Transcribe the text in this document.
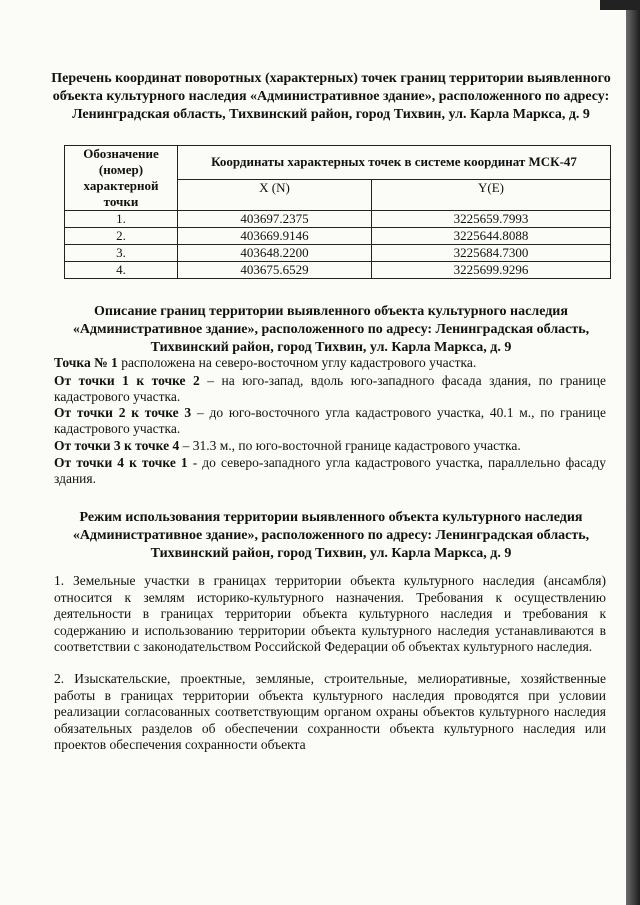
Перечень координат поворотных (характерных) точек границ территории выявленного объекта культурного наследия «Административное здание», расположенного по адресу: Ленинградская область, Тихвинский район, город Тихвин, ул. Карла Маркса, д. 9
Обозначение (номер) характерной точки	Координаты характерных точек в системе координат МСК-47	
	X (N)	Y(E)
1.	403697.2375	3225659.7993
2.	403669.9146	3225644.8088
3.	403648.2200	3225684.7300
4.	403675.6529	3225699.9296
Описание границ территории выявленного объекта культурного наследия «Административное здание», расположенного по адресу: Ленинградская область, Тихвинский район, город Тихвин, ул. Карла Маркса, д. 9
Точка № 1 расположена на северо-восточном углу кадастрового участка.
От точки 1 к точке 2 – на юго-запад, вдоль юго-западного фасада здания, по границе кадастрового участка.
От точки 2 к точке 3 – до юго-восточного угла кадастрового участка, 40.1 м., по границе кадастрового участка.
От точки 3 к точке 4 – 31.3 м., по юго-восточной границе кадастрового участка.
От точки 4 к точке 1 - до северо-западного угла кадастрового участка, параллельно фасаду здания.
Режим использования территории выявленного объекта культурного наследия «Административное здание», расположенного по адресу: Ленинградская область, Тихвинский район, город Тихвин, ул. Карла Маркса, д. 9
1. Земельные участки в границах территории объекта культурного наследия (ансамбля) относится к землям историко-культурного назначения. Требования к осуществлению деятельности в границах территории объекта культурного наследия и требования к содержанию и использованию территории объекта культурного наследия устанавливаются в соответствии с законодательством Российской Федерации об объектах культурного наследия.
2. Изыскательские, проектные, земляные, строительные, мелиоративные, хозяйственные работы в границах территории объекта культурного наследия проводятся при условии реализации согласованных соответствующим органом охраны объектов культурного наследия обязательных разделов об обеспечении сохранности объекта культурного наследия или проектов обеспечения сохранности объекта
